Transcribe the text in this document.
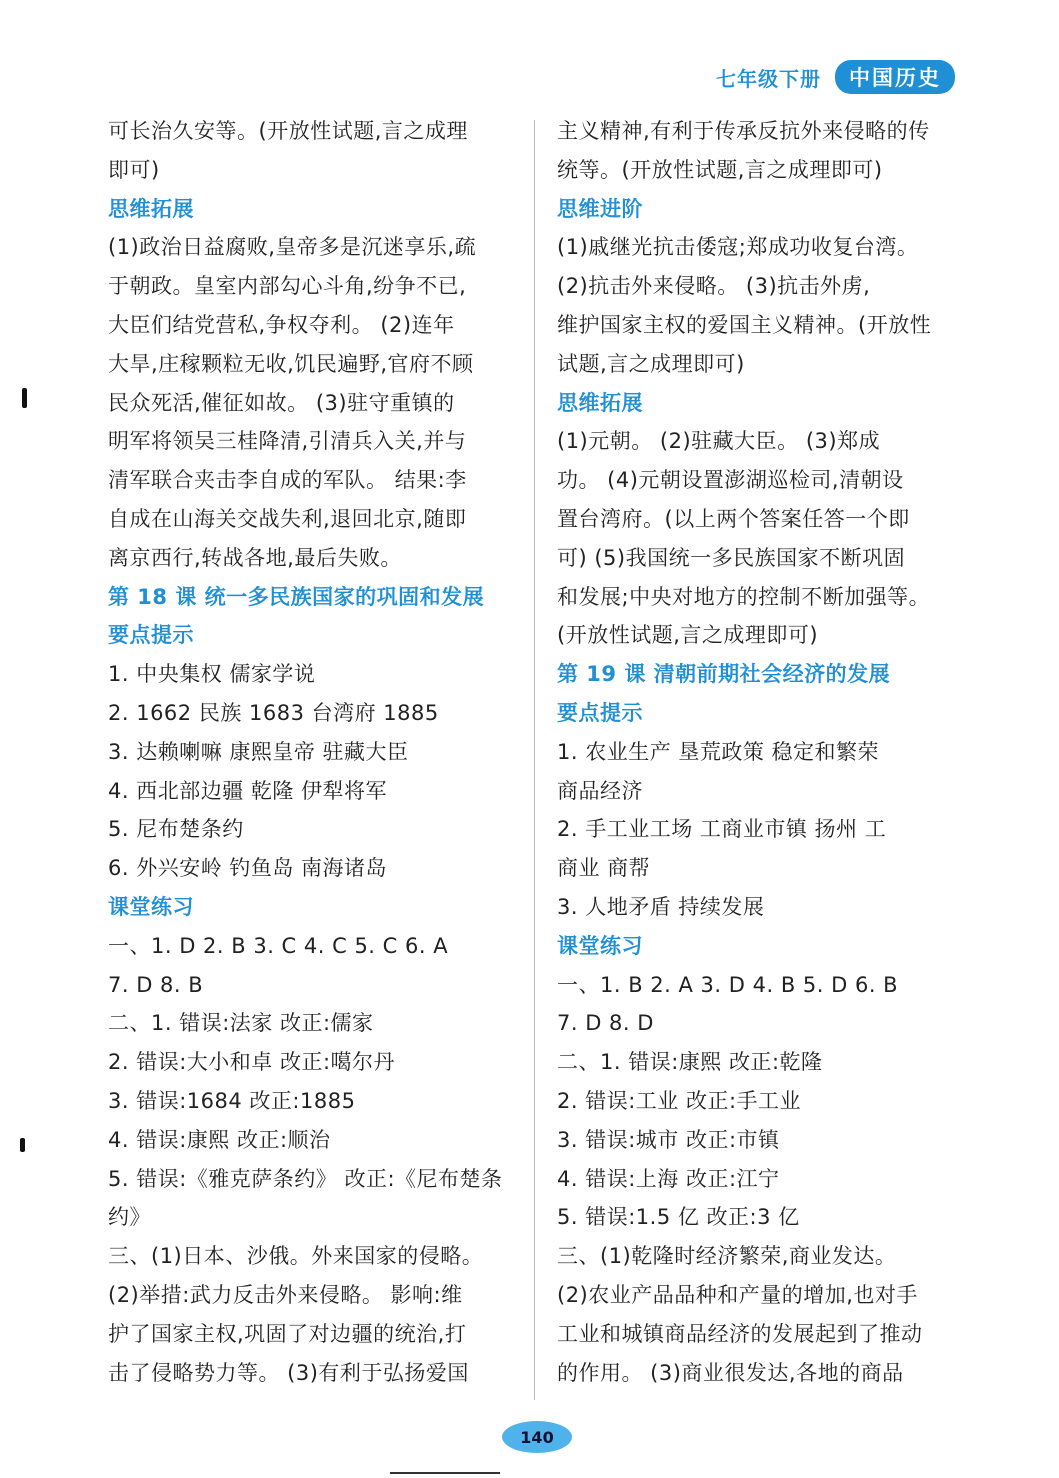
七年级下册	中国历史
可长治久安等。(开放性试题,言之成理
即可)
思维拓展
(1)政治日益腐败,皇帝多是沉迷享乐,疏
于朝政。皇室内部勾心斗角,纷争不已,
大臣们结党营私,争权夺利。 (2)连年
大旱,庄稼颗粒无收,饥民遍野,官府不顾
民众死活,催征如故。 (3)驻守重镇的
明军将领吴三桂降清,引清兵入关,并与
清军联合夹击李自成的军队。 结果:李
自成在山海关交战失利,退回北京,随即
离京西行,转战各地,最后失败。
第 18 课 统一多民族国家的巩固和发展
要点提示
1. 中央集权 儒家学说
2. 1662 民族 1683 台湾府 1885
3. 达赖喇嘛 康熙皇帝 驻藏大臣
4. 西北部边疆 乾隆 伊犁将军
5. 尼布楚条约
6. 外兴安岭 钓鱼岛 南海诸岛
课堂练习
一、1. D 2. B 3. C 4. C 5. C 6. A
7. D 8. B
二、1. 错误:法家 改正:儒家
2. 错误:大小和卓 改正:噶尔丹
3. 错误:1684 改正:1885
4. 错误:康熙 改正:顺治
5. 错误:《雅克萨条约》 改正:《尼布楚条
约》
三、(1)日本、沙俄。外来国家的侵略。
(2)举措:武力反击外来侵略。 影响:维
护了国家主权,巩固了对边疆的统治,打
击了侵略势力等。 (3)有利于弘扬爱国
主义精神,有利于传承反抗外来侵略的传
统等。(开放性试题,言之成理即可)
思维进阶
(1)戚继光抗击倭寇;郑成功收复台湾。
(2)抗击外来侵略。 (3)抗击外虏,
维护国家主权的爱国主义精神。(开放性
试题,言之成理即可)
思维拓展
(1)元朝。 (2)驻藏大臣。 (3)郑成
功。 (4)元朝设置澎湖巡检司,清朝设
置台湾府。(以上两个答案任答一个即
可) (5)我国统一多民族国家不断巩固
和发展;中央对地方的控制不断加强等。
(开放性试题,言之成理即可)
第 19 课 清朝前期社会经济的发展
要点提示
1. 农业生产 垦荒政策 稳定和繁荣
商品经济
2. 手工业工场 工商业市镇 扬州 工
商业 商帮
3. 人地矛盾 持续发展
课堂练习
一、1. B 2. A 3. D 4. B 5. D 6. B
7. D 8. D
二、1. 错误:康熙 改正:乾隆
2. 错误:工业 改正:手工业
3. 错误:城市 改正:市镇
4. 错误:上海 改正:江宁
5. 错误:1.5 亿 改正:3 亿
三、(1)乾隆时经济繁荣,商业发达。
(2)农业产品品种和产量的增加,也对手
工业和城镇商品经济的发展起到了推动
的作用。 (3)商业很发达,各地的商品
140
